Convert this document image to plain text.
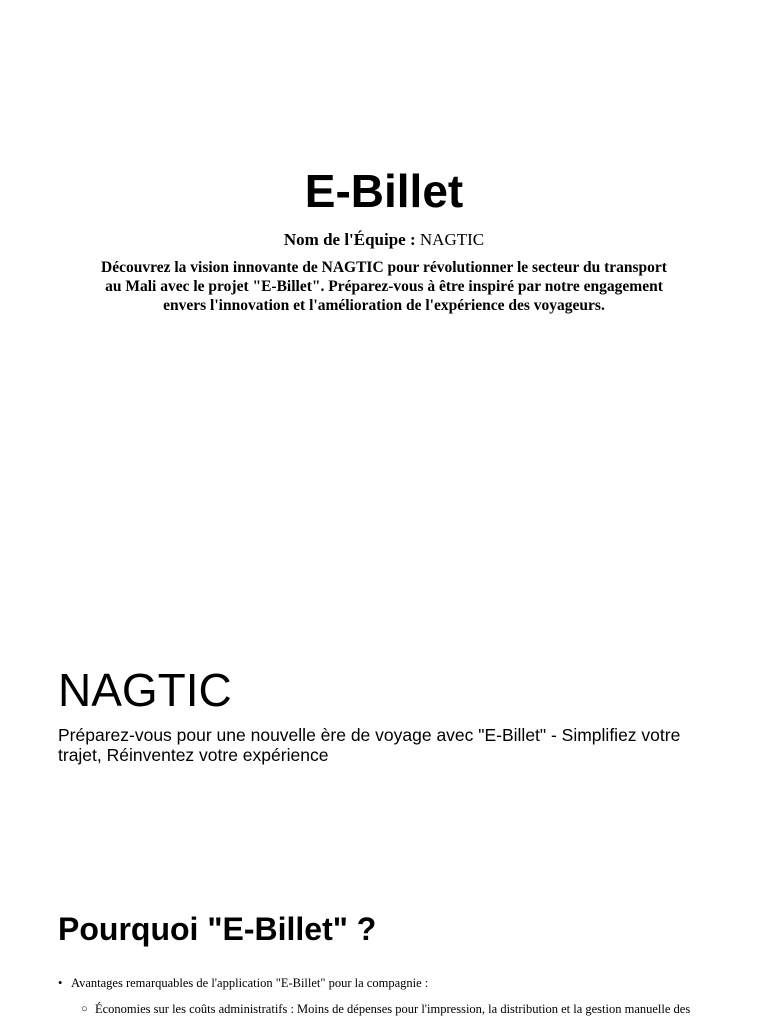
E-Billet

Nom de l'Équipe : NAGTIC

Découvrez la vision innovante de NAGTIC pour révolutionner le secteur du transport au Mali avec le projet "E-Billet". Préparez-vous à être inspiré par notre engagement envers l'innovation et l'amélioration de l'expérience des voyageurs.

NAGTIC

Préparez-vous pour une nouvelle ère de voyage avec "E-Billet" - Simplifiez votre trajet, Réinventez votre expérience

Pourquoi "E-Billet" ?
• Avantages remarquables de l'application "E-Billet" pour la compagnie :
○ Économies sur les coûts administratifs : Moins de dépenses pour l'impression, la distribution et la gestion manuelle des
